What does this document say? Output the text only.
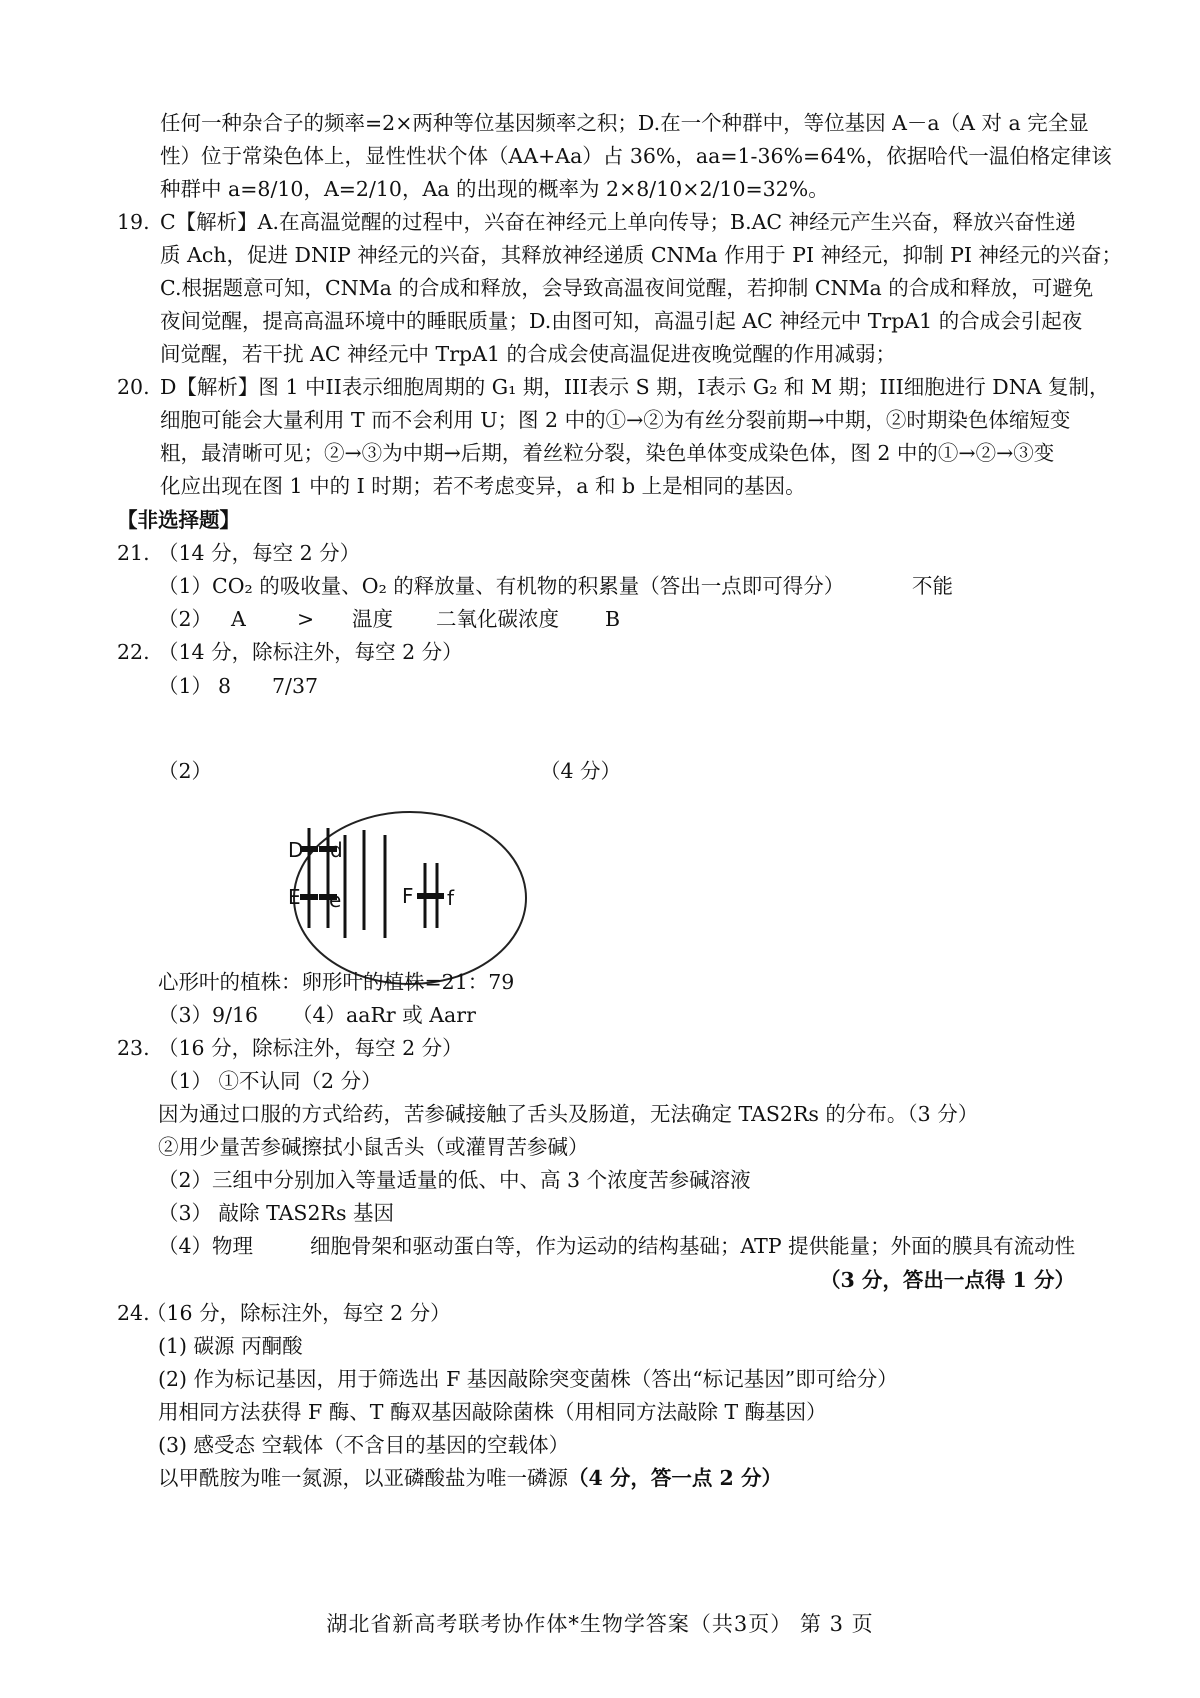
任何一种杂合子的频率=2×两种等位基因频率之积；D.在一个种群中，等位基因 A－a（A 对 a 完全显
性）位于常染色体上，显性性状个体（AA+Aa）占 36%，aa=1-36%=64%，依据哈代一温伯格定律该
种群中 a=8/10，A=2/10，Aa 的出现的概率为 2×8/10×2/10=32%。
19. C【解析】A.在高温觉醒的过程中，兴奋在神经元上单向传导；B.AC 神经元产生兴奋，释放兴奋性递
质 Ach，促进 DNIP 神经元的兴奋，其释放神经递质 CNMa 作用于 PI 神经元，抑制 PI 神经元的兴奋；
C.根据题意可知，CNMa 的合成和释放，会导致高温夜间觉醒，若抑制 CNMa 的合成和释放，可避免
夜间觉醒，提高高温环境中的睡眠质量；D.由图可知，高温引起 AC 神经元中 TrpA1 的合成会引起夜
间觉醒，若干扰 AC 神经元中 TrpA1 的合成会使高温促进夜晚觉醒的作用减弱；
20. D【解析】图 1 中II表示细胞周期的 G₁ 期，III表示 S 期，I表示 G₂ 和 M 期；III细胞进行 DNA 复制，
细胞可能会大量利用 T 而不会利用 U；图 2 中的①→②为有丝分裂前期→中期，②时期染色体缩短变
粗，最清晰可见；②→③为中期→后期，着丝粒分裂，染色单体变成染色体，图 2 中的①→②→③变
化应出现在图 1 中的 I 时期；若不考虑变异，a 和 b 上是相同的基因。
【非选择题】
21. （14 分，每空 2 分）
（1）CO₂ 的吸收量、O₂ 的释放量、有机物的积累量（答出一点即可得分）	不能
（2） A > 温度 二氧化碳浓度 B
22. （14 分，除标注外，每空 2 分）
（1） 8 7/37
（2）	（4 分）
D d
E e	F f
心形叶的植株：卵形叶的植株=21：79
（3）9/16 （4）aaRr 或 Aarr
23. （16 分，除标注外，每空 2 分）
（1） ①不认同（2 分）
因为通过口服的方式给药，苦参碱接触了舌头及肠道，无法确定 TAS2Rs 的分布。（3 分）
②用少量苦参碱擦拭小鼠舌头（或灌胃苦参碱）
（2）三组中分别加入等量适量的低、中、高 3 个浓度苦参碱溶液
（3） 敲除 TAS2Rs 基因
（4）物理	细胞骨架和驱动蛋白等，作为运动的结构基础；ATP 提供能量；外面的膜具有流动性
（3 分，答出一点得 1 分）
24.
（16 分，除标注外，每空 2 分）
(1) 碳源 丙酮酸
(2) 作为标记基因，用于筛选出 F 基因敲除突变菌株（答出“标记基因”即可给分）
用相同方法获得 F 酶、T 酶双基因敲除菌株（用相同方法敲除 T 酶基因）
(3) 感受态 空载体（不含目的基因的空载体）
以甲酰胺为唯一氮源，以亚磷酸盐为唯一磷源（4 分，答一点 2 分）
湖北省新高考联考协作体*生物学答案（共3页） 第 3 页
